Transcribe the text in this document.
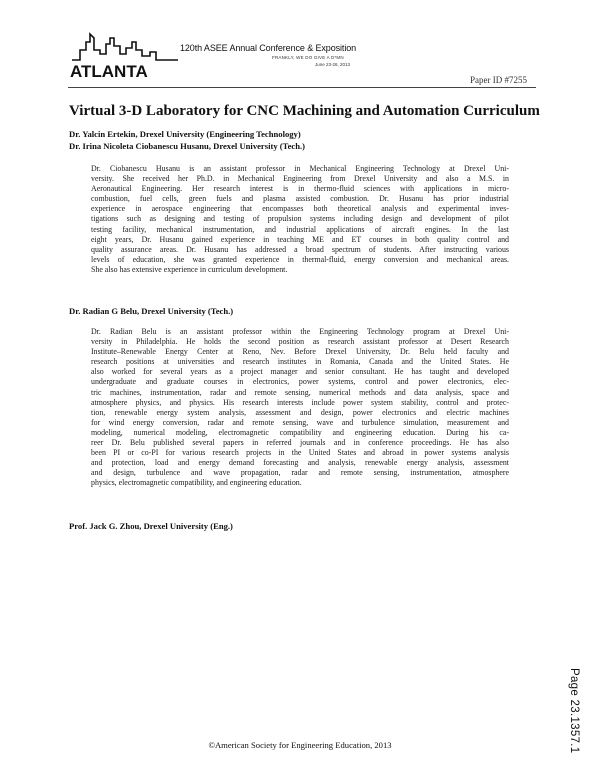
ATLANTA
120th ASEE Annual Conference & Exposition
FRANKLY, WE DO GIVE A D*MN
June 23-26, 2013
Paper ID #7255
Virtual 3-D Laboratory for CNC Machining and Automation Curriculum
Dr. Yalcin Ertekin, Drexel University (Engineering Technology)
Dr. Irina Nicoleta Ciobanescu Husanu, Drexel University (Tech.)
Dr. Ciobanescu Husanu is an assistant professor in Mechanical Engineering Technology at Drexel Uni-
versity. She received her Ph.D. in Mechanical Engineering from Drexel University and also a M.S. in
Aeronautical Engineering. Her research interest is in thermo-fluid sciences with applications in micro-
combustion, fuel cells, green fuels and plasma assisted combustion. Dr. Husanu has prior industrial
experience in aerospace engineering that encompasses both theoretical analysis and experimental inves-
tigations such as designing and testing of propulsion systems including design and development of pilot
testing facility, mechanical instrumentation, and industrial applications of aircraft engines. In the last
eight years, Dr. Husanu gained experience in teaching ME and ET courses in both quality control and
quality assurance areas. Dr. Husanu has addressed a broad spectrum of students. After instructing various
levels of education, she was granted experience in thermal-fluid, energy conversion and mechanical areas.
She also has extensive experience in curriculum development.
Dr. Radian G Belu, Drexel University (Tech.)
Dr. Radian Belu is an assistant professor within the Engineering Technology program at Drexel Uni-
versity in Philadelphia. He holds the second position as research assistant professor at Desert Research
Institute–Renewable Energy Center at Reno, Nev. Before Drexel University, Dr. Belu held faculty and
research positions at universities and research institutes in Romania, Canada and the United States. He
also worked for several years as a project manager and senior consultant. He has taught and developed
undergraduate and graduate courses in electronics, power systems, control and power electronics, elec-
tric machines, instrumentation, radar and remote sensing, numerical methods and data analysis, space and
atmosphere physics, and physics. His research interests include power system stability, control and protec-
tion, renewable energy system analysis, assessment and design, power electronics and electric machines
for wind energy conversion, radar and remote sensing, wave and turbulence simulation, measurement and
modeling, numerical modeling, electromagnetic compatibility and engineering education. During his ca-
reer Dr. Belu published several papers in referred journals and in conference proceedings. He has also
been PI or co-PI for various research projects in the United States and abroad in power systems analysis
and protection, load and energy demand forecasting and analysis, renewable energy analysis, assessment
and design, turbulence and wave propagation, radar and remote sensing, instrumentation, atmosphere
physics, electromagnetic compatibility, and engineering education.
Prof. Jack G. Zhou, Drexel University (Eng.)
©American Society for Engineering Education, 2013	Page 23.1357.1
